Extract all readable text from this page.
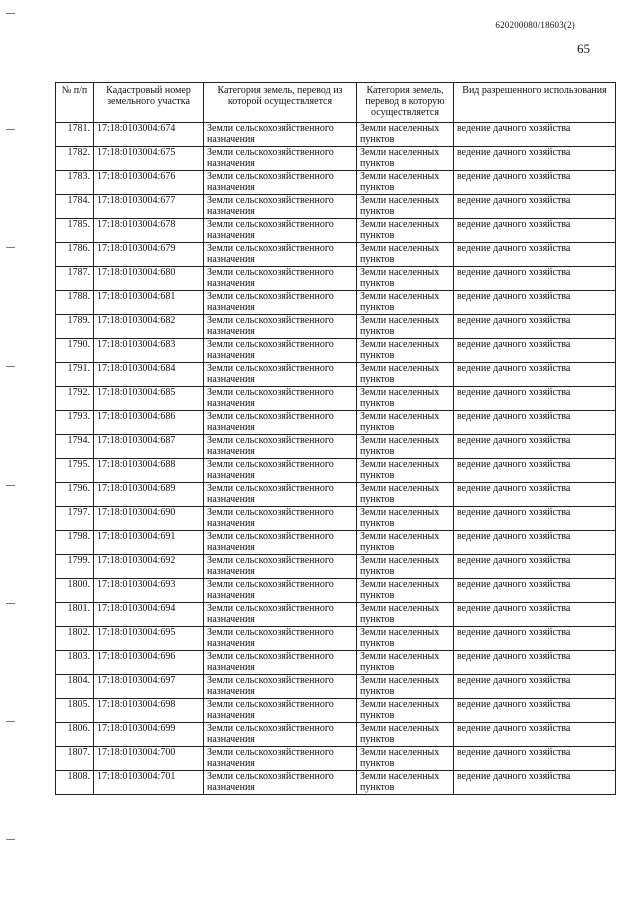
620200080/18603(2)
65
№ п/п	Кадастровый номер земельного участка	Категория земель, перевод из которой осуществляется	Категория земель, перевод в которую осуществляется	Вид разрешенного использования
1781.	17:18:0103004:674	Земли сельскохозяйственного назначения	Земли населенных пунктов	ведение дачного хозяйства
1782.	17:18:0103004:675	Земли сельскохозяйственного назначения	Земли населенных пунктов	ведение дачного хозяйства
1783.	17:18:0103004:676	Земли сельскохозяйственного назначения	Земли населенных пунктов	ведение дачного хозяйства
1784.	17:18:0103004:677	Земли сельскохозяйственного назначения	Земли населенных пунктов	ведение дачного хозяйства
1785.	17:18:0103004:678	Земли сельскохозяйственного назначения	Земли населенных пунктов	ведение дачного хозяйства
1786.	17:18:0103004:679	Земли сельскохозяйственного назначения	Земли населенных пунктов	ведение дачного хозяйства
1787.	17:18:0103004:680	Земли сельскохозяйственного назначения	Земли населенных пунктов	ведение дачного хозяйства
1788.	17:18:0103004:681	Земли сельскохозяйственного назначения	Земли населенных пунктов	ведение дачного хозяйства
1789.	17:18:0103004:682	Земли сельскохозяйственного назначения	Земли населенных пунктов	ведение дачного хозяйства
1790.	17:18:0103004:683	Земли сельскохозяйственного назначения	Земли населенных пунктов	ведение дачного хозяйства
1791.	17:18:0103004:684	Земли сельскохозяйственного назначения	Земли населенных пунктов	ведение дачного хозяйства
1792.	17:18:0103004:685	Земли сельскохозяйственного назначения	Земли населенных пунктов	ведение дачного хозяйства
1793.	17:18:0103004:686	Земли сельскохозяйственного назначения	Земли населенных пунктов	ведение дачного хозяйства
1794.	17:18:0103004:687	Земли сельскохозяйственного назначения	Земли населенных пунктов	ведение дачного хозяйства
1795.	17:18:0103004:688	Земли сельскохозяйственного назначения	Земли населенных пунктов	ведение дачного хозяйства
1796.	17:18:0103004:689	Земли сельскохозяйственного назначения	Земли населенных пунктов	ведение дачного хозяйства
1797.	17:18:0103004:690	Земли сельскохозяйственного назначения	Земли населенных пунктов	ведение дачного хозяйства
1798.	17:18:0103004:691	Земли сельскохозяйственного назначения	Земли населенных пунктов	ведение дачного хозяйства
1799.	17:18:0103004:692	Земли сельскохозяйственного назначения	Земли населенных пунктов	ведение дачного хозяйства
1800.	17:18:0103004:693	Земли сельскохозяйственного назначения	Земли населенных пунктов	ведение дачного хозяйства
1801.	17:18:0103004:694	Земли сельскохозяйственного назначения	Земли населенных пунктов	ведение дачного хозяйства
1802.	17:18:0103004:695	Земли сельскохозяйственного назначения	Земли населенных пунктов	ведение дачного хозяйства
1803.	17:18:0103004:696	Земли сельскохозяйственного назначения	Земли населенных пунктов	ведение дачного хозяйства
1804.	17:18:0103004:697	Земли сельскохозяйственного назначения	Земли населенных пунктов	ведение дачного хозяйства
1805.	17:18:0103004:698	Земли сельскохозяйственного назначения	Земли населенных пунктов	ведение дачного хозяйства
1806.	17:18:0103004:699	Земли сельскохозяйственного назначения	Земли населенных пунктов	ведение дачного хозяйства
1807.	17:18:0103004:700	Земли сельскохозяйственного назначения	Земли населенных пунктов	ведение дачного хозяйства
1808.	17:18:0103004:701	Земли сельскохозяйственного назначения	Земли населенных пунктов	ведение дачного хозяйства
